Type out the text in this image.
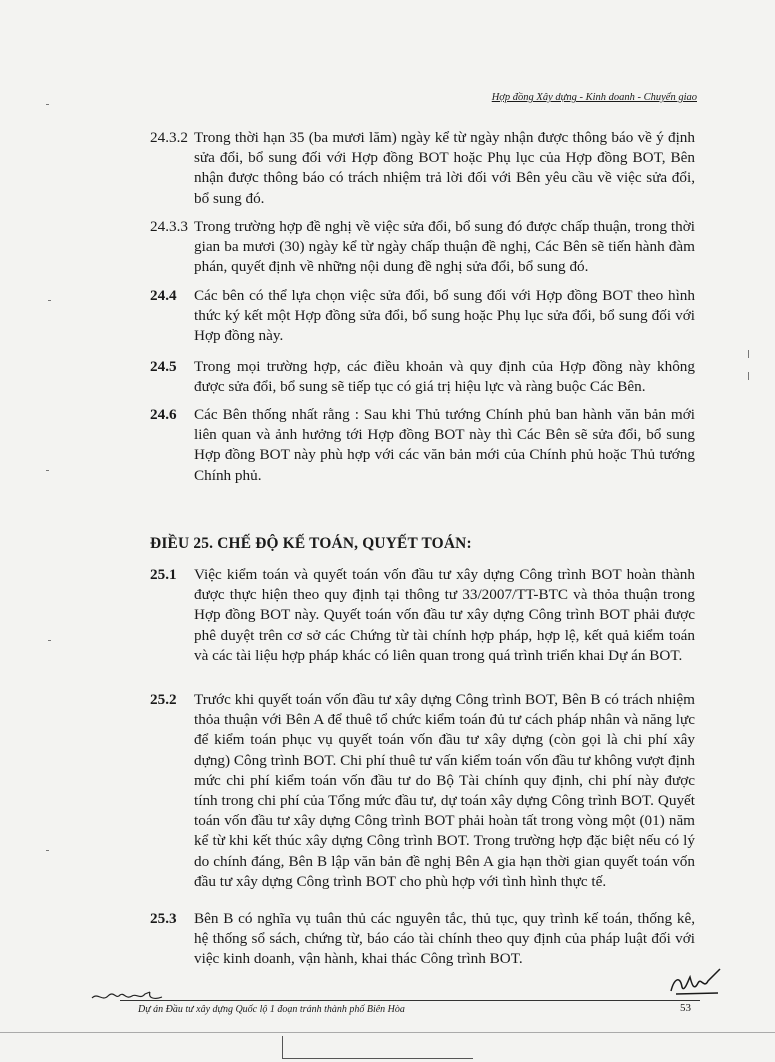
Hợp đồng Xây dựng - Kinh doanh - Chuyển giao
24.3.2 Trong thời hạn 35 (ba mươi lăm) ngày kể từ ngày nhận được thông báo về ý định sửa đổi, bổ sung đối với Hợp đồng BOT hoặc Phụ lục của Hợp đồng BOT, Bên nhận được thông báo có trách nhiệm trả lời đối với Bên yêu cầu về việc sửa đổi, bổ sung đó.
24.3.3 Trong trường hợp đề nghị về việc sửa đổi, bổ sung đó được chấp thuận, trong thời gian ba mươi (30) ngày kể từ ngày chấp thuận đề nghị, Các Bên sẽ tiến hành đàm phán, quyết định về những nội dung đề nghị sửa đổi, bổ sung đó.
24.4	Các bên có thể lựa chọn việc sửa đổi, bổ sung đối với Hợp đồng BOT theo hình thức ký kết một Hợp đồng sửa đổi, bổ sung hoặc Phụ lục sửa đổi, bổ sung đối với Hợp đồng này.
24.5	Trong mọi trường hợp, các điều khoản và quy định của Hợp đồng này không được sửa đổi, bổ sung sẽ tiếp tục có giá trị hiệu lực và ràng buộc Các Bên.
24.6	Các Bên thống nhất rằng : Sau khi Thủ tướng Chính phủ ban hành văn bản mới liên quan và ảnh hưởng tới Hợp đồng BOT này thì Các Bên sẽ sửa đổi, bổ sung Hợp đồng BOT này phù hợp với các văn bản mới của Chính phủ hoặc Thủ tướng Chính phủ.
ĐIỀU 25. CHẾ ĐỘ KẾ TOÁN, QUYẾT TOÁN:
25.1	Việc kiểm toán và quyết toán vốn đầu tư xây dựng Công trình BOT hoàn thành được thực hiện theo quy định tại thông tư 33/2007/TT-BTC và thỏa thuận trong Hợp đồng BOT này. Quyết toán vốn đầu tư xây dựng Công trình BOT phải được phê duyệt trên cơ sở các Chứng từ tài chính hợp pháp, hợp lệ, kết quả kiểm toán và các tài liệu hợp pháp khác có liên quan trong quá trình triển khai Dự án BOT.
25.2	Trước khi quyết toán vốn đầu tư xây dựng Công trình BOT, Bên B có trách nhiệm thỏa thuận với Bên A để thuê tổ chức kiểm toán đủ tư cách pháp nhân và năng lực để kiểm toán phục vụ quyết toán vốn đầu tư xây dựng (còn gọi là chi phí xây dựng) Công trình BOT. Chi phí thuê tư vấn kiểm toán vốn đầu tư không vượt định mức chi phí kiểm toán vốn đầu tư do Bộ Tài chính quy định, chi phí này được tính trong chi phí của Tổng mức đầu tư, dự toán xây dựng Công trình BOT. Quyết toán vốn đầu tư xây dựng Công trình BOT phải hoàn tất trong vòng một (01) năm kể từ khi kết thúc xây dựng Công trình BOT. Trong trường hợp đặc biệt nếu có lý do chính đáng, Bên B lập văn bản đề nghị Bên A gia hạn thời gian quyết toán vốn đầu tư xây dựng Công trình BOT cho phù hợp với tình hình thực tế.
25.3	Bên B có nghĩa vụ tuân thủ các nguyên tắc, thủ tục, quy trình kế toán, thống kê, hệ thống sổ sách, chứng từ, báo cáo tài chính theo quy định của pháp luật đối với việc kinh doanh, vận hành, khai thác Công trình BOT.
Dự án Đầu tư xây dựng Quốc lộ 1 đoạn tránh thành phố Biên Hòa	53
